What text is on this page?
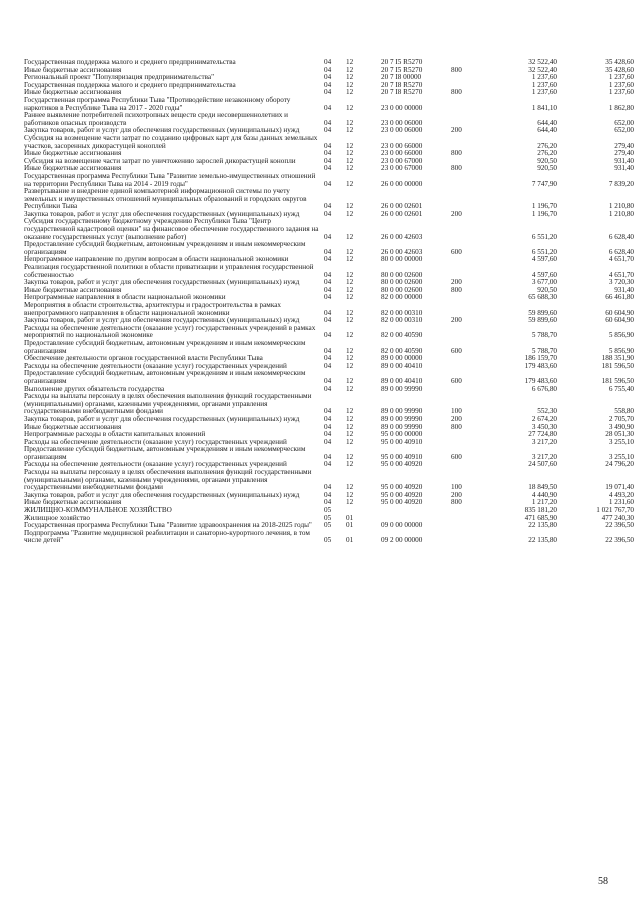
Государственная поддержка малого и среднего предпринимательства	04	12	20 7 I5 R5270		32 522,40	35 428,60
Иные бюджетные ассигнования	04	12	20 7 I5 R5270	800	32 522,40	35 428,60
Региональный проект "Популяризация предпринимательства"	04	12	20 7 I8 00000		1 237,60	1 237,60
Государственная поддержка малого и среднего предпринимательства	04	12	20 7 I8 R5270		1 237,60	1 237,60
Иные бюджетные ассигнования	04	12	20 7 I8 R5270	800	1 237,60	1 237,60
Государственная программа Республики Тыва "Противодействие незаконному обороту наркотиков в Республике Тыва на 2017 - 2020 годы"	04	12	23 0 00 00000		1 841,10	1 862,80
Раннее выявление потребителей психотропных веществ среди несовершеннолетних и работников опасных производств	04	12	23 0 00 06000		644,40	652,00
Закупка товаров, работ и услуг для обеспечения государственных (муниципальных) нужд	04	12	23 0 00 06000	200	644,40	652,00
Субсидия на возмещение части затрат по созданию цифровых карт для базы данных земельных участков, засоренных дикорастущей коноплей	04	12	23 0 00 66000		276,20	279,40
Иные бюджетные ассигнования	04	12	23 0 00 66000	800	276,20	279,40
Субсидия на возмещение части затрат по уничтожению зарослей дикорастущей конопли	04	12	23 0 00 67000		920,50	931,40
Иные бюджетные ассигнования	04	12	23 0 00 67000	800	920,50	931,40
Государственная программа Республики Тыва "Развитие земельно-имущественных отношений на территории Республики Тыва на 2014 - 2019 годы"	04	12	26 0 00 00000		7 747,90	7 839,20
Развертывание и внедрение единой компьютерной информационной системы по учету земельных и имущественных отношений муниципальных образований и городских округов Республики Тыва	04	12	26 0 00 02601		1 196,70	1 210,80
Закупка товаров, работ и услуг для обеспечения государственных (муниципальных) нужд	04	12	26 0 00 02601	200	1 196,70	1 210,80
Субсидия государственному бюджетному учреждению Республики Тыва "Центр государственной кадастровой оценки" на финансовое обеспечение государственного задания на оказание государственных услуг (выполнение работ)	04	12	26 0 00 42603		6 551,20	6 628,40
Предоставление субсидий бюджетным, автономным учреждениям и иным некоммерческим организациям	04	12	26 0 00 42603	600	6 551,20	6 628,40
Непрограммное направление по другим вопросам в области национальной экономики	04	12	80 0 00 00000		4 597,60	4 651,70
Реализация государственной политики в области приватизации и управления государственной собственностью	04	12	80 0 00 02600		4 597,60	4 651,70
Закупка товаров, работ и услуг для обеспечения государственных (муниципальных) нужд	04	12	80 0 00 02600	200	3 677,00	3 720,30
Иные бюджетные ассигнования	04	12	80 0 00 02600	800	920,50	931,40
Непрограммные направления в области национальной экономики	04	12	82 0 00 00000		65 688,30	66 461,80
Мероприятия в области строительства, архитектуры и градостроительства в рамках внепрограммного направления в области национальной экономики	04	12	82 0 00 00310		59 899,60	60 604,90
Закупка товаров, работ и услуг для обеспечения государственных (муниципальных) нужд	04	12	82 0 00 00310	200	59 899,60	60 604,90
Расходы на обеспечение деятельности (оказание услуг) государственных учреждений в рамках мероприятий по национальной экономике	04	12	82 0 00 40590		5 788,70	5 856,90
Предоставление субсидий бюджетным, автономным учреждениям и иным некоммерческим организациям	04	12	82 0 00 40590	600	5 788,70	5 856,90
Обеспечение деятельности органов государственной власти Республики Тыва	04	12	89 0 00 00000		186 159,70	188 351,90
Расходы на обеспечение деятельности (оказание услуг) государственных учреждений	04	12	89 0 00 40410		179 483,60	181 596,50
Предоставление субсидий бюджетным, автономным учреждениям и иным некоммерческим организациям	04	12	89 0 00 40410	600	179 483,60	181 596,50
Выполнение других обязательств государства	04	12	89 0 00 99990		6 676,80	6 755,40
Расходы на выплаты персоналу в целях обеспечения выполнения функций государственными (муниципальными) органами, казенными учреждениями, органами управления государственными внебюджетными фондами	04	12	89 0 00 99990	100	552,30	558,80
Закупка товаров, работ и услуг для обеспечения государственных (муниципальных) нужд	04	12	89 0 00 99990	200	2 674,20	2 705,70
Иные бюджетные ассигнования	04	12	89 0 00 99990	800	3 450,30	3 490,90
Непрограммные расходы в области капитальных вложений	04	12	95 0 00 00000		27 724,80	28 051,30
Расходы на обеспечение деятельности (оказание услуг) государственных учреждений	04	12	95 0 00 40910		3 217,20	3 255,10
Предоставление субсидий бюджетным, автономным учреждениям и иным некоммерческим организациям	04	12	95 0 00 40910	600	3 217,20	3 255,10
Расходы на обеспечение деятельности (оказание услуг) государственных учреждений	04	12	95 0 00 40920		24 507,60	24 796,20
Расходы на выплаты персоналу в целях обеспечения выполнения функций государственными (муниципальными) органами, казенными учреждениями, органами управления государственными внебюджетными фондами	04	12	95 0 00 40920	100	18 849,50	19 071,40
Закупка товаров, работ и услуг для обеспечения государственных (муниципальных) нужд	04	12	95 0 00 40920	200	4 440,90	4 493,20
Иные бюджетные ассигнования	04	12	95 0 00 40920	800	1 217,20	1 231,60
ЖИЛИЩНО-КОММУНАЛЬНОЕ ХОЗЯЙСТВО	05				835 181,20	1 021 767,70
Жилищное хозяйство	05	01			471 685,90	477 240,30
Государственная программа Республики Тыва "Развитие здравоохранения на 2018-2025 годы"	05	01	09 0 00 00000		22 135,80	22 396,50
Подпрограмма "Развитие медицинской реабилитации и санаторно-курортного лечения, в том числе детей"	05	01	09 2 00 00000		22 135,80	22 396,50
58
